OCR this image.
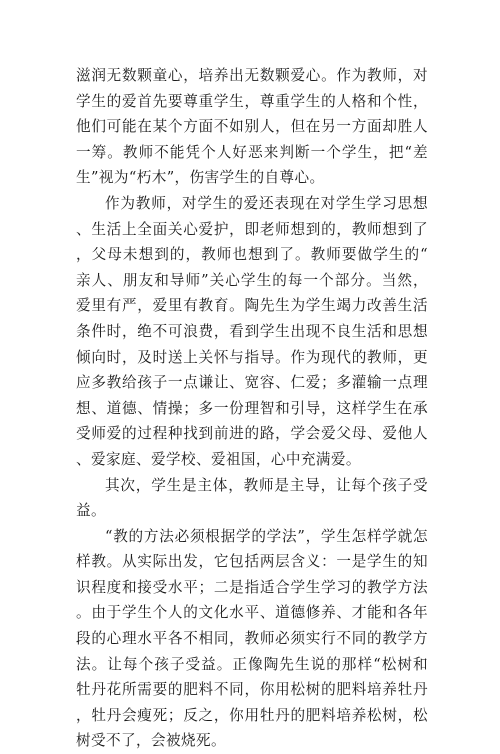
滋润无数颗童心，培养出无数颗爱心。作为教师，对学生的爱首先要尊重学生，尊重学生的人格和个性，他们可能在某个方面不如别人，但在另一方面却胜人一筹。教师不能凭个人好恶来判断一个学生，把“差生”视为“朽木”，伤害学生的自尊心。

作为教师，对学生的爱还表现在对学生学习思想、生活上全面关心爱护，即老师想到的，教师想到了，父母未想到的，教师也想到了。教师要做学生的“亲人、朋友和导师”关心学生的每一个部分。当然，爱里有严，爱里有教育。陶先生为学生竭力改善生活条件时，绝不可浪费，看到学生出现不良生活和思想倾向时，及时送上关怀与指导。作为现代的教师，更应多教给孩子一点谦让、宽容、仁爱；多灌输一点理想、道德、情操；多一份理智和引导，这样学生在承受师爱的过程种找到前进的路，学会爱父母、爱他人、爱家庭、爱学校、爱祖国，心中充满爱。

其次，学生是主体，教师是主导，让每个孩子受益。

“教的方法必须根据学的学法”，学生怎样学就怎样教。从实际出发，它包括两层含义：一是学生的知识程度和接受水平；二是指适合学生学习的教学方法。由于学生个人的文化水平、道德修养、才能和各年段的心理水平各不相同，教师必须实行不同的教学方法。让每个孩子受益。正像陶先生说的那样“松树和牡丹花所需要的肥料不同，你用松树的肥料培养牡丹，牡丹会瘦死；反之，你用牡丹的肥料培养松树，松树受不了，会被烧死。
